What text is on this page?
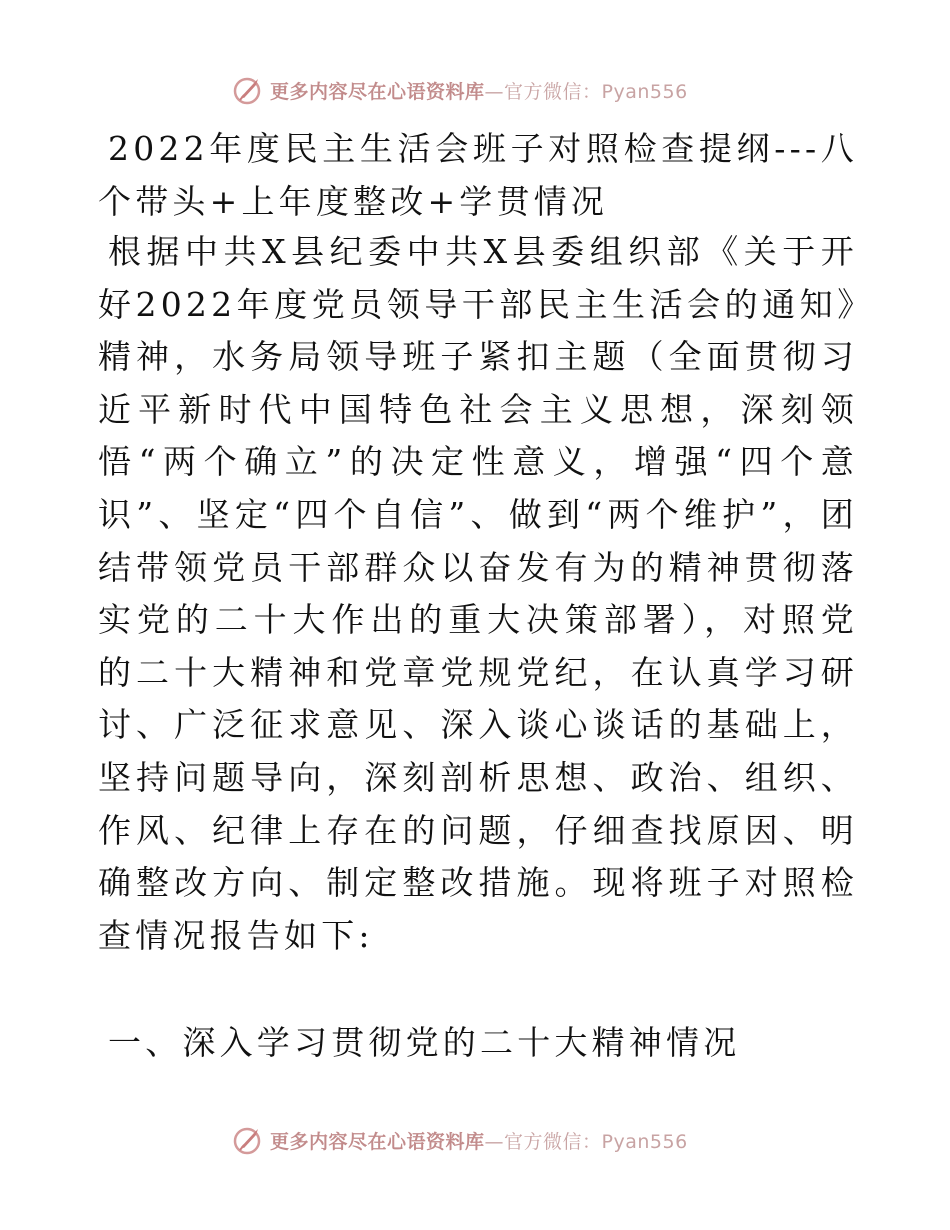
更多内容尽在心语资料库—官方微信：Pyan556

2022年度民主生活会班子对照检查提纲---八个带头+上年度整改+学贯情况

根据中共X县纪委中共X县委组织部《关于开好2022年度党员领导干部民主生活会的通知》精神，水务局领导班子紧扣主题（全面贯彻习近平新时代中国特色社会主义思想，深刻领悟“两个确立”的决定性意义，增强“四个意识”、坚定“四个自信”、做到“两个维护”，团结带领党员干部群众以奋发有为的精神贯彻落实党的二十大作出的重大决策部署），对照党的二十大精神和党章党规党纪，在认真学习研讨、广泛征求意见、深入谈心谈话的基础上，坚持问题导向，深刻剖析思想、政治、组织、作风、纪律上存在的问题，仔细查找原因、明确整改方向、制定整改措施。现将班子对照检查情况报告如下:

一、深入学习贯彻党的二十大精神情况

更多内容尽在心语资料库—官方微信：Pyan556
